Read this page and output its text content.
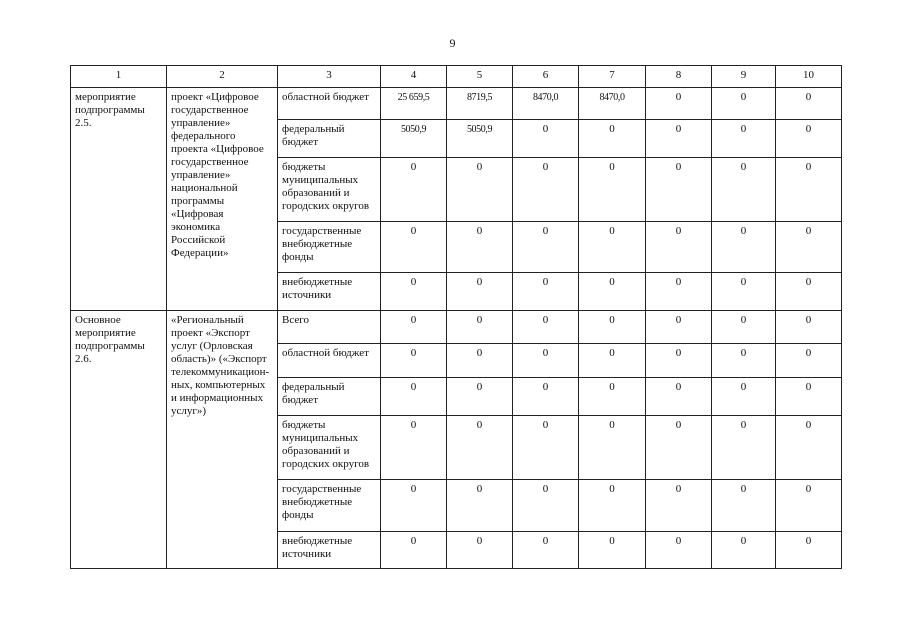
9
1	2	3	4	5	6	7	8	9	10
мероприятие подпрограммы 2.5.	проект «Цифровое государственное управление» федерального проекта «Цифровое государственное управление» национальной программы «Цифровая экономика Российской Федерации»	областной бюджет	25 659,5	8719,5	8470,0	8470,0	0	0	0
		федеральный бюджет	5050,9	5050,9	0	0	0	0	0
		бюджеты муниципальных образований и городских округов	0	0	0	0	0	0	0
		государственные внебюджетные фонды	0	0	0	0	0	0	0
		внебюджетные источники	0	0	0	0	0	0	0
Основное мероприятие подпрограммы 2.6.	«Региональный проект «Экспорт услуг (Орловская область)» («Экспорт телекоммуникацион-ных, компьютерных и информационных услуг»)	Всего	0	0	0	0	0	0	0
		областной бюджет	0	0	0	0	0	0	0
		федеральный бюджет	0	0	0	0	0	0	0
		бюджеты муниципальных образований и городских округов	0	0	0	0	0	0	0
		государственные внебюджетные фонды	0	0	0	0	0	0	0
		внебюджетные источники	0	0	0	0	0	0	0
